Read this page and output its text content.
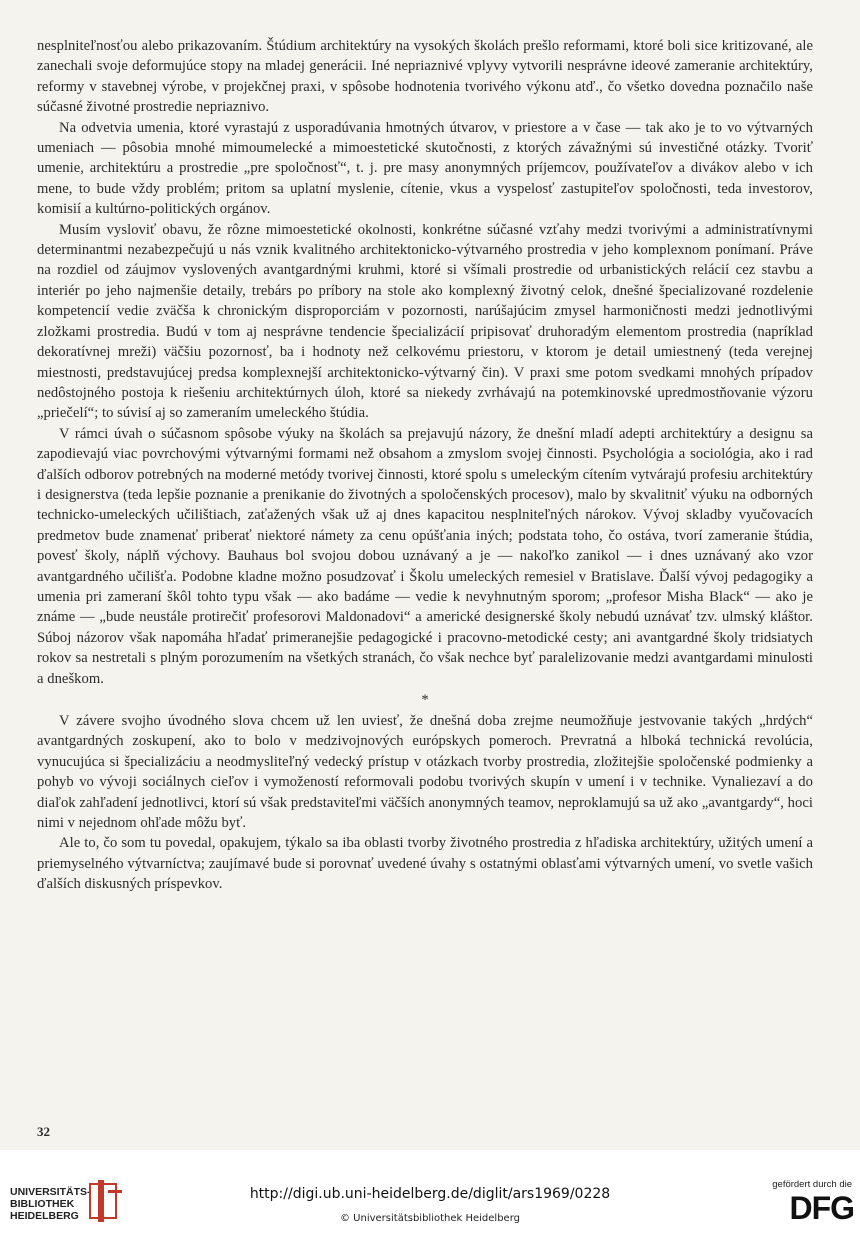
nesplniteľnosťou alebo prikazovaním. Štúdium architektúry na vysokých školách prešlo reformami, ktoré boli sice kritizované, ale zanechali svoje deformujúce stopy na mladej generácii. Iné nepriaznivé vplyvy vytvorili nesprávne ideové zameranie architektúry, reformy v stavebnej výrobe, v projekčnej praxi, v spôsobe hodnotenia tvorivého výkonu atď., čo všetko dovedna poznačilo naše súčasné životné prostredie nepriaznivo.

Na odvetvia umenia, ktoré vyrastajú z usporadúvania hmotných útvarov, v priestore a v čase — tak ako je to vo výtvarných umeniach — pôsobia mnohé mimoumelecké a mimoestetické skutočnosti, z ktorých závažnými sú investičné otázky. Tvoriť umenie, architektúru a prostredie „pre spoločnosť“, t. j. pre masy anonymných príjemcov, používateľov a divákov alebo v ich mene, to bude vždy problém; pritom sa uplatní myslenie, cítenie, vkus a vyspelosť zastupiteľov spoločnosti, teda investorov, komisií a kultúrno-politických orgánov.

Musím vysloviť obavu, že rôzne mimoestetické okolnosti, konkrétne súčasné vzťahy medzi tvorivými a administratívnymi determinantmi nezabezpečujú u nás vznik kvalitného architektonicko-výtvarného prostredia v jeho komplexnom ponímaní. Práve na rozdiel od záujmov vyslovených avantgardnými kruhmi, ktoré si všímali prostredie od urbanistických relácií cez stavbu a interiér po jeho najmenšie detaily, trebárs po príbory na stole ako komplexný životný celok, dnešné špecializované rozdelenie kompetencií vedie zväčša k chronickým disproporciám v pozornosti, narúšajúcim zmysel harmoničnosti medzi jednotlivými zložkami prostredia. Budú v tom aj nesprávne tendencie špecializácií pripisovať druhoradým elementom prostredia (napríklad dekoratívnej mreži) väčšiu pozornosť, ba i hodnoty než celkovému priestoru, v ktorom je detail umiestnený (teda verejnej miestnosti, predstavujúcej predsa komplexnejší architektonicko-výtvarný čin). V praxi sme potom svedkami mnohých prípadov nedôstojného postoja k riešeniu architektúrnych úloh, ktoré sa niekedy zvrhávajú na potemkinovské upredmostňovanie výzoru „priečelí“; to súvisí aj so zameraním umeleckého štúdia.

V rámci úvah o súčasnom spôsobe výuky na školách sa prejavujú názory, že dnešní mladí adepti architektúry a designu sa zapodievajú viac povrchovými výtvarnými formami než obsahom a zmyslom svojej činnosti. Psychológia a sociológia, ako i rad ďalších odborov potrebných na moderné metódy tvorivej činnosti, ktoré spolu s umeleckým cítením vytvárajú profesiu architektúry i designerstva (teda lepšie poznanie a prenikanie do životných a spoločenských procesov), malo by skvalitniť výuku na odborných technicko-umeleckých učilištiach, zaťažených však už aj dnes kapacitou nesplniteľných nárokov. Vývoj skladby vyučovacích predmetov bude znamenať priberať niektoré námety za cenu opúšťania iných; podstata toho, čo ostáva, tvorí zameranie štúdia, povesť školy, náplň výchovy. Bauhaus bol svojou dobou uznávaný a je — nakoľko zanikol — i dnes uznávaný ako vzor avantgardného učilišťa. Podobne kladne možno posudzovať i Školu umeleckých remesiel v Bratislave. Ďalší vývoj pedagogiky a umenia pri zameraní škôl tohto typu však — ako badáme — vedie k nevyhnutným sporom; „profesor Misha Black“ — ako je známe — „bude neustále protirečiť profesorovi Maldonadovi“ a americké designerské školy nebudú uznávať tzv. ulmský kláštor. Súboj názorov však napomáha hľadať primeranejšie pedagogické i pracovno-metodické cesty; ani avantgardné školy tridsiatych rokov sa nestretali s plným porozumením na všetkých stranách, čo však nechce byť paralelizovanie medzi avantgardami minulosti a dneškom.

*

V závere svojho úvodného slova chcem už len uviesť, že dnešná doba zrejme neumožňuje jestvovanie takých „hrdých“ avantgardných zoskupení, ako to bolo v medzivojnových európskych pomeroch. Prevratná a hlboká technická revolúcia, vynucujúca si špecializáciu a neodmysliteľný vedecký prístup v otázkach tvorby prostredia, zložitejšie spoločenské podmienky a pohyb vo vývoji sociálnych cieľov i vymožeností reformovali podobu tvorivých skupín v umení i v technike. Vynaliezaví a do diaľok zahľadení jednotlivci, ktorí sú však predstaviteľmi väčších anonymných teamov, neproklamujú sa už ako „avantgardy“, hoci nimi v nejednom ohľade môžu byť.

Ale to, čo som tu povedal, opakujem, týkalo sa iba oblasti tvorby životného prostredia z hľadiska architektúry, užitých umení a priemyselného výtvarníctva; zaujímavé bude si porovnať uvedené úvahy s ostatnými oblasťami výtvarných umení, vo svetle vašich ďalších diskusných príspevkov.

32
UNIVERSITÄTS-
BIBLIOTHEK
HEIDELBERG
http://digi.ub.uni-heidelberg.de/diglit/ars1969/0228
© Universitätsbibliothek Heidelberg
gefördert durch die
DFG
